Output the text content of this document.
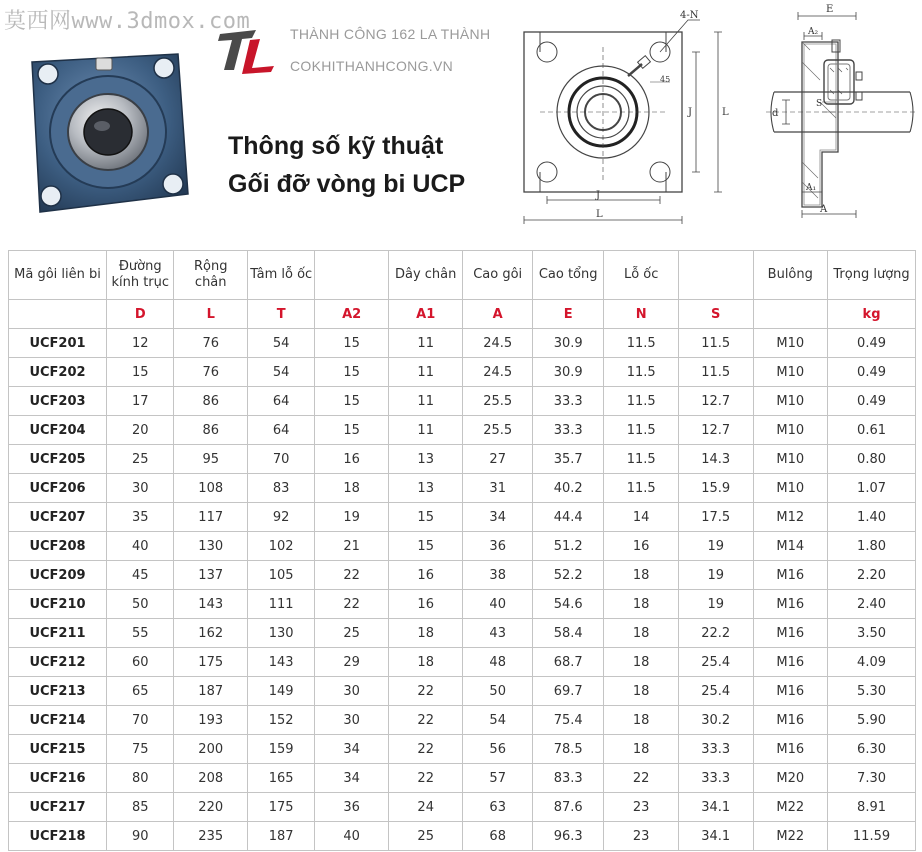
莫西网www.3dmox.com	THÀNH CÔNG 162 LA THÀNH
COKHITHANHCONG.VN
Thông số kỹ thuật
Gối đỡ vòng bi UCP
4-N
45
J	L
J
L
E
A₂
d
S
A₁
A
Mã gôi liên bi	Đường kính trục	Rộng chân	Tâm lỗ ốc		Dây chân	Cao gôi	Cao tổng	Lỗ ốc		Bulông	Trọng lượng
	D	L	T	A2	A1	A	E	N	S		kg
UCF201	12	76	54	15	11	24.5	30.9	11.5	11.5	M10	0.49
UCF202	15	76	54	15	11	24.5	30.9	11.5	11.5	M10	0.49
UCF203	17	86	64	15	11	25.5	33.3	11.5	12.7	M10	0.49
UCF204	20	86	64	15	11	25.5	33.3	11.5	12.7	M10	0.61
UCF205	25	95	70	16	13	27	35.7	11.5	14.3	M10	0.80
UCF206	30	108	83	18	13	31	40.2	11.5	15.9	M10	1.07
UCF207	35	117	92	19	15	34	44.4	14	17.5	M12	1.40
UCF208	40	130	102	21	15	36	51.2	16	19	M14	1.80
UCF209	45	137	105	22	16	38	52.2	18	19	M16	2.20
UCF210	50	143	111	22	16	40	54.6	18	19	M16	2.40
UCF211	55	162	130	25	18	43	58.4	18	22.2	M16	3.50
UCF212	60	175	143	29	18	48	68.7	18	25.4	M16	4.09
UCF213	65	187	149	30	22	50	69.7	18	25.4	M16	5.30
UCF214	70	193	152	30	22	54	75.4	18	30.2	M16	5.90
UCF215	75	200	159	34	22	56	78.5	18	33.3	M16	6.30
UCF216	80	208	165	34	22	57	83.3	22	33.3	M20	7.30
UCF217	85	220	175	36	24	63	87.6	23	34.1	M22	8.91
UCF218	90	235	187	40	25	68	96.3	23	34.1	M22	11.59
